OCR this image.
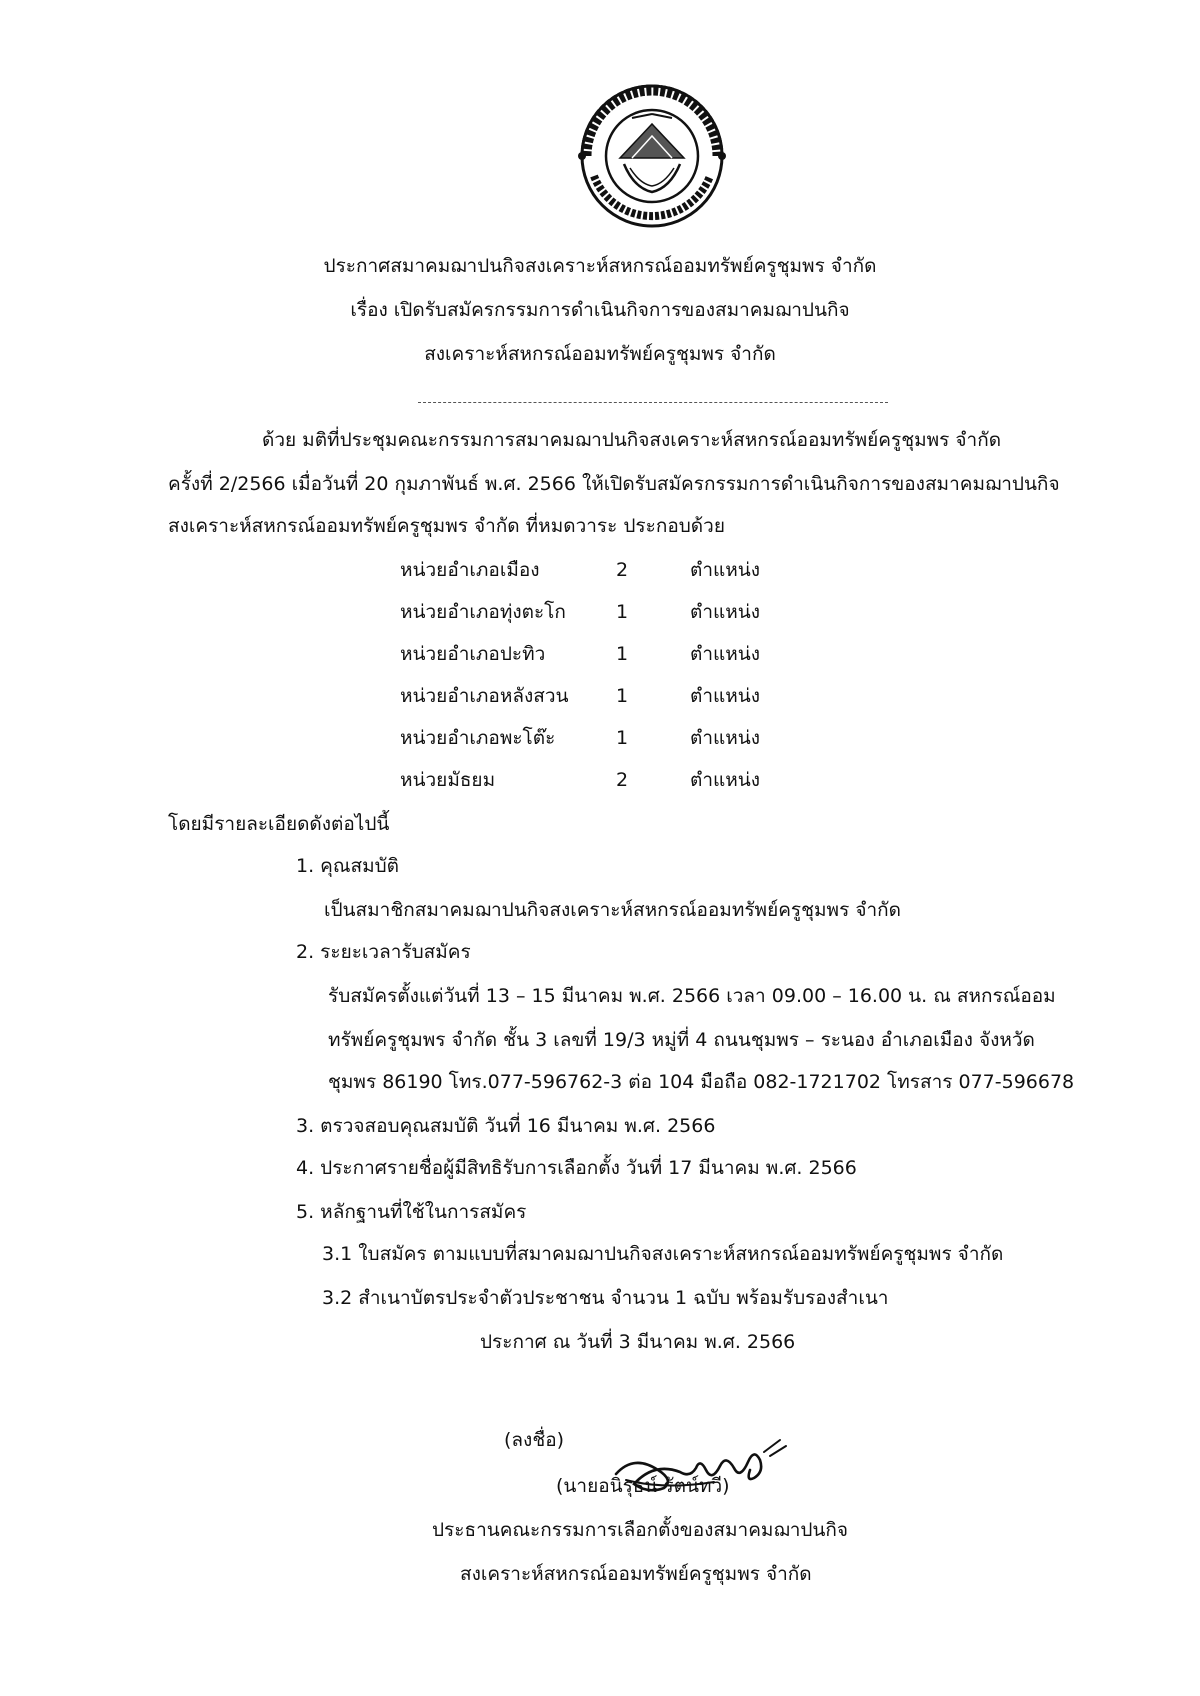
ประกาศสมาคมฌาปนกิจสงเคราะห์สหกรณ์ออมทรัพย์ครูชุมพร จำกัด
เรื่อง เปิดรับสมัครกรรมการดำเนินกิจการของสมาคมฌาปนกิจ
สงเคราะห์สหกรณ์ออมทรัพย์ครูชุมพร จำกัด
ด้วย มติที่ประชุมคณะกรรมการสมาคมฌาปนกิจสงเคราะห์สหกรณ์ออมทรัพย์ครูชุมพร จำกัด
ครั้งที่ 2/2566 เมื่อวันที่ 20 กุมภาพันธ์ พ.ศ. 2566 ให้เปิดรับสมัครกรรมการดำเนินกิจการของสมาคมฌาปนกิจ
สงเคราะห์สหกรณ์ออมทรัพย์ครูชุมพร จำกัด ที่หมดวาระ ประกอบด้วย
หน่วยอำเภอเมือง	2	ตำแหน่ง
หน่วยอำเภอทุ่งตะโก	1	ตำแหน่ง
หน่วยอำเภอปะทิว	1	ตำแหน่ง
หน่วยอำเภอหลังสวน 1	ตำแหน่ง
หน่วยอำเภอพะโต๊ะ	1	ตำแหน่ง
หน่วยมัธยม	2	ตำแหน่ง
โดยมีรายละเอียดดังต่อไปนี้
1. คุณสมบัติ
เป็นสมาชิกสมาคมฌาปนกิจสงเคราะห์สหกรณ์ออมทรัพย์ครูชุมพร จำกัด
2. ระยะเวลารับสมัคร
รับสมัครตั้งแต่วันที่ 13 – 15 มีนาคม พ.ศ. 2566 เวลา 09.00 – 16.00 น. ณ สหกรณ์ออม
ทรัพย์ครูชุมพร จำกัด ชั้น 3 เลขที่ 19/3 หมู่ที่ 4 ถนนชุมพร – ระนอง อำเภอเมือง จังหวัด
ชุมพร 86190 โทร.077-596762-3 ต่อ 104 มือถือ 082-1721702 โทรสาร 077-596678
3. ตรวจสอบคุณสมบัติ วันที่ 16 มีนาคม พ.ศ. 2566
4. ประกาศรายชื่อผู้มีสิทธิรับการเลือกตั้ง วันที่ 17 มีนาคม พ.ศ. 2566
5. หลักฐานที่ใช้ในการสมัคร
3.1 ใบสมัคร ตามแบบที่สมาคมฌาปนกิจสงเคราะห์สหกรณ์ออมทรัพย์ครูชุมพร จำกัด
3.2 สำเนาบัตรประจำตัวประชาชน จำนวน 1 ฉบับ พร้อมรับรองสำเนา
ประกาศ ณ วันที่ 3 มีนาคม พ.ศ. 2566
(ลงชื่อ)
(นายอนิรุธน์ รัตน์ทวี)
ประธานคณะกรรมการเลือกตั้งของสมาคมฌาปนกิจ
สงเคราะห์สหกรณ์ออมทรัพย์ครูชุมพร จำกัด
